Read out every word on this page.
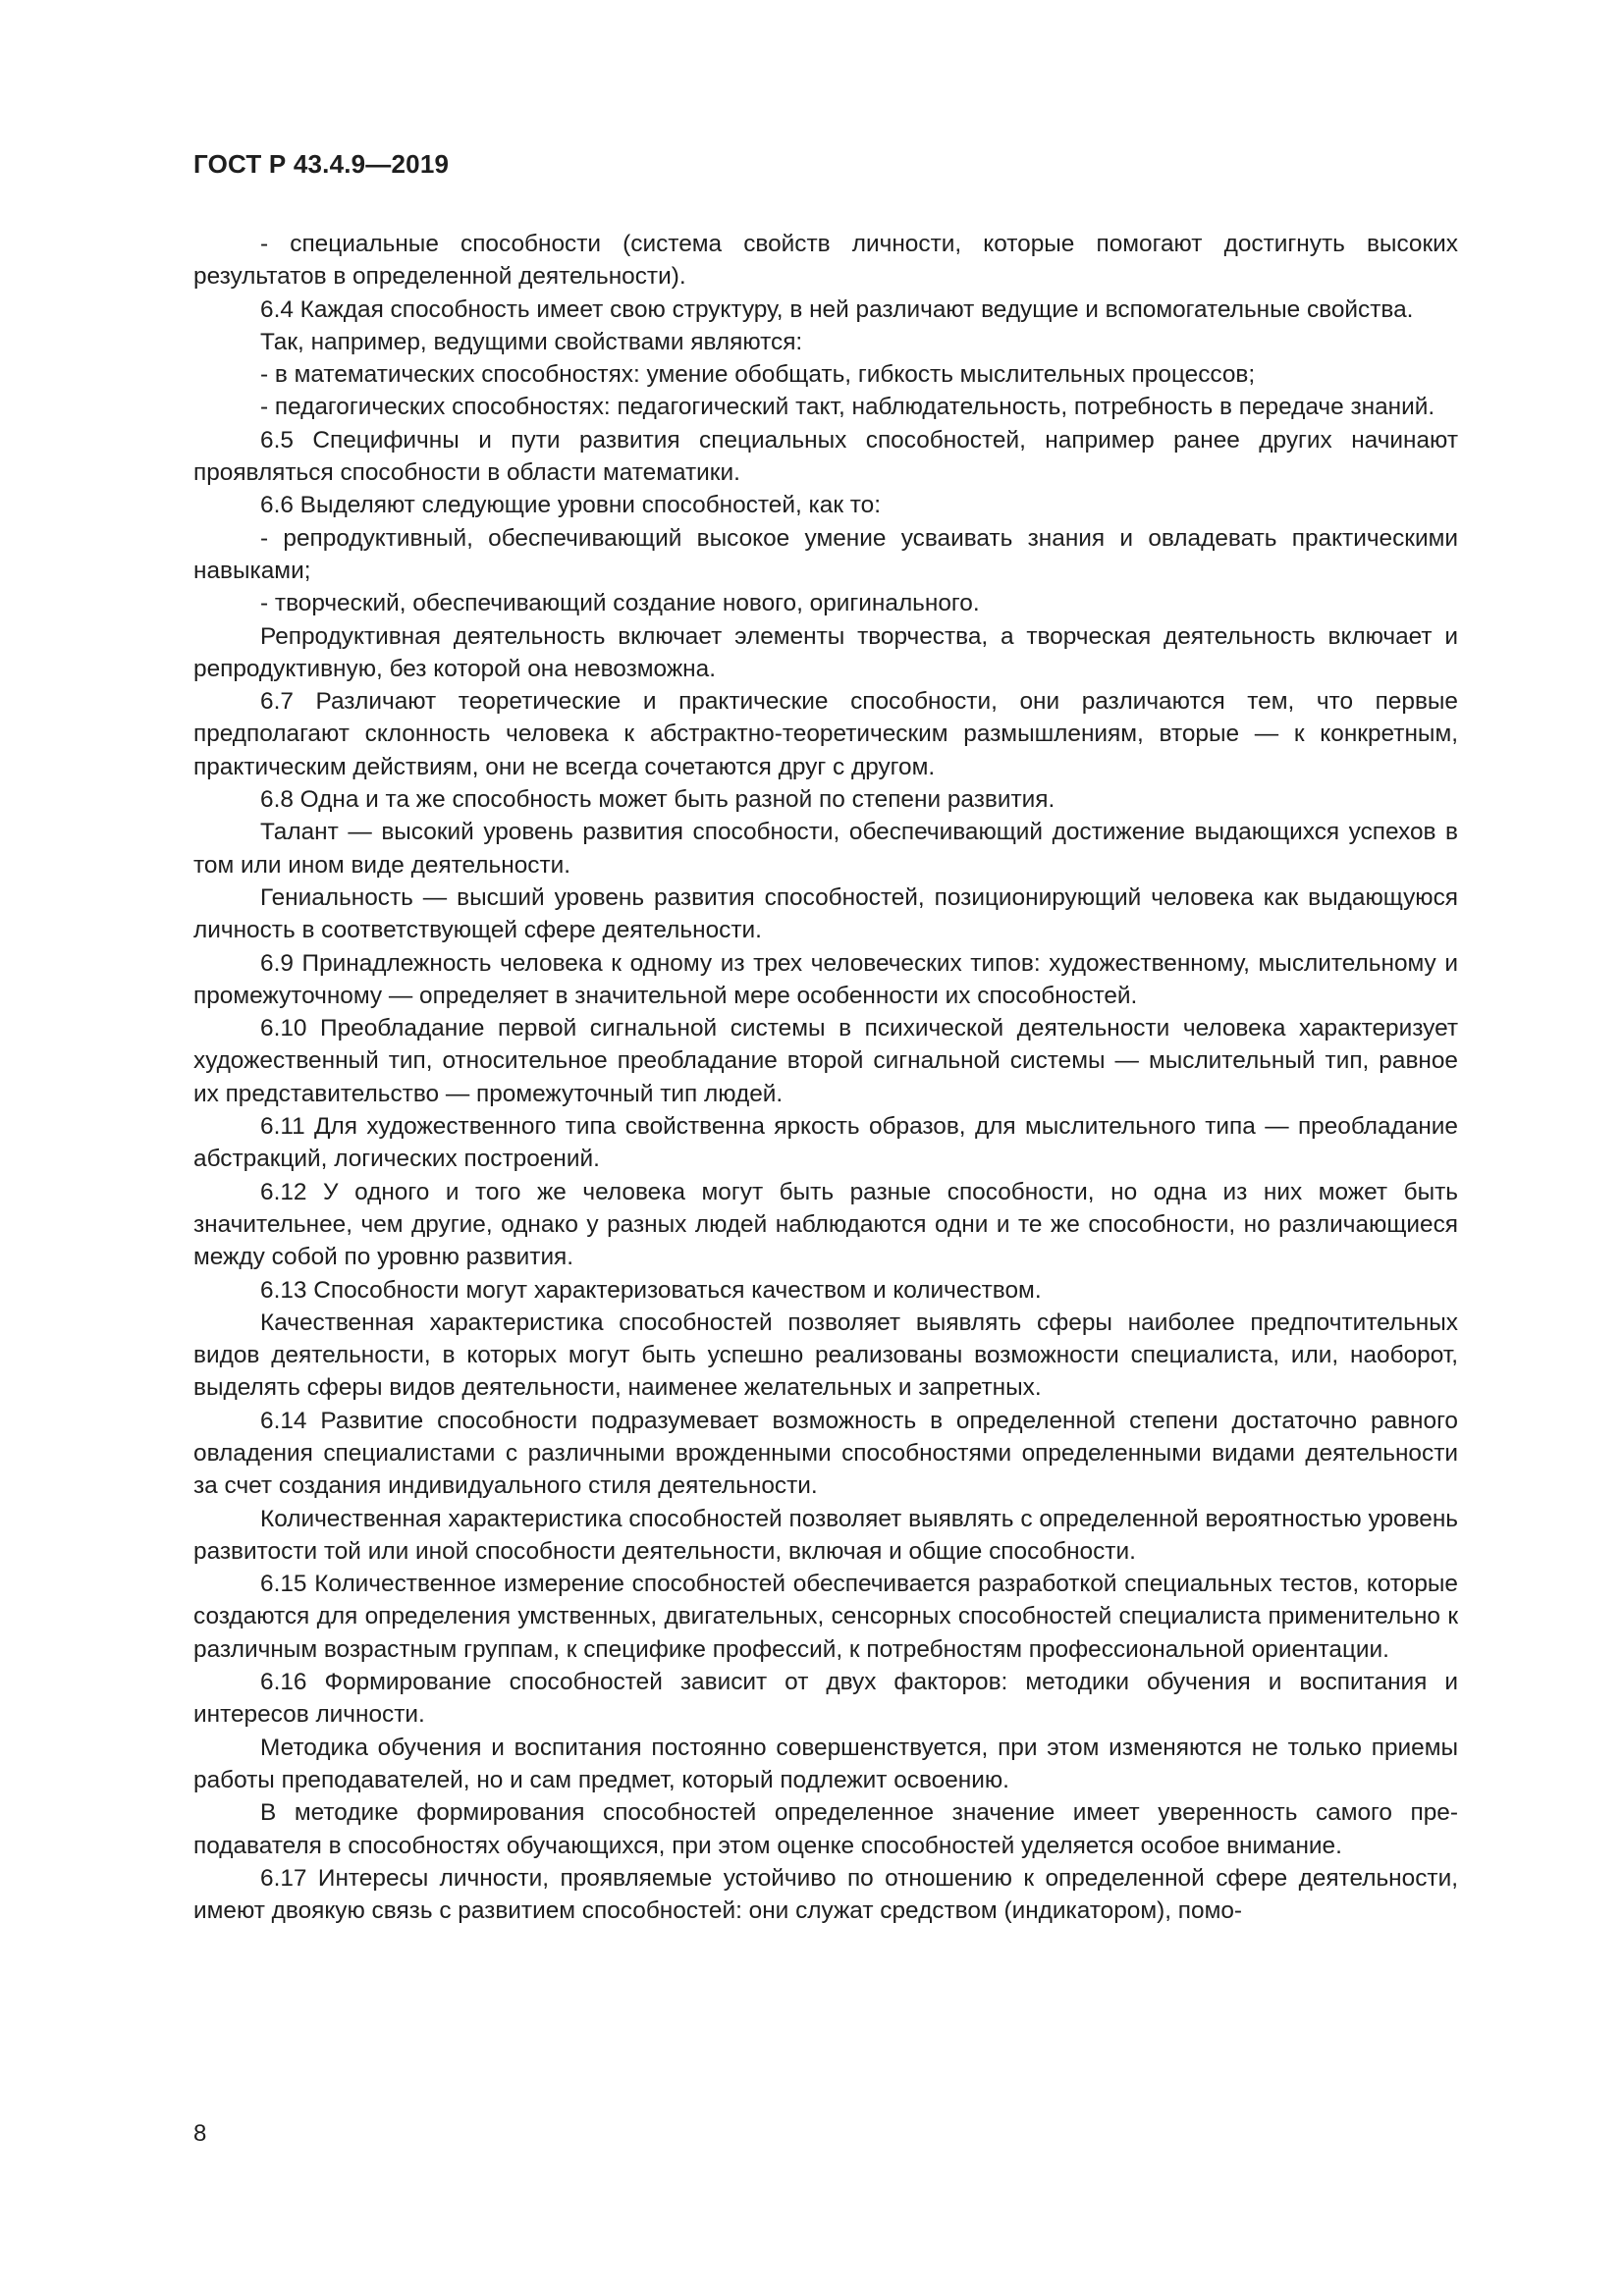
ГОСТ Р 43.4.9—2019

- специальные способности (система свойств личности, которые помогают достигнуть высоких результатов в определенной деятельности).

6.4 Каждая способность имеет свою структуру, в ней различают ведущие и вспомогательные свойства.

Так, например, ведущими свойствами являются:

- в математических способностях: умение обобщать, гибкость мыслительных процессов;

- педагогических способностях: педагогический такт, наблюдательность, потребность в передаче знаний.

6.5 Специфичны и пути развития специальных способностей, например ранее других начинают проявляться способности в области математики.

6.6 Выделяют следующие уровни способностей, как то:

- репродуктивный, обеспечивающий высокое умение усваивать знания и овладевать практическими навыками;

- творческий, обеспечивающий создание нового, оригинального.

Репродуктивная деятельность включает элементы творчества, а творческая деятельность включает и репродуктивную, без которой она невозможна.

6.7 Различают теоретические и практические способности, они различаются тем, что первые предполагают склонность человека к абстрактно-теоретическим размышлениям, вторые — к конкретным, практическим действиям, они не всегда сочетаются друг с другом.

6.8 Одна и та же способность может быть разной по степени развития.

Талант — высокий уровень развития способности, обеспечивающий достижение выдающихся успехов в том или ином виде деятельности.

Гениальность — высший уровень развития способностей, позиционирующий человека как выдающуюся личность в соответствующей сфере деятельности.

6.9 Принадлежность человека к одному из трех человеческих типов: художественному, мыслительному и промежуточному — определяет в значительной мере особенности их способностей.

6.10 Преобладание первой сигнальной системы в психической деятельности человека характеризует художественный тип, относительное преобладание второй сигнальной системы — мыслительный тип, равное их представительство — промежуточный тип людей.

6.11 Для художественного типа свойственна яркость образов, для мыслительного типа — преобладание абстракций, логических построений.

6.12 У одного и того же человека могут быть разные способности, но одна из них может быть значительнее, чем другие, однако у разных людей наблюдаются одни и те же способности, но различающиеся между собой по уровню развития.

6.13 Способности могут характеризоваться качеством и количеством.

Качественная характеристика способностей позволяет выявлять сферы наиболее предпочтительных видов деятельности, в которых могут быть успешно реализованы возможности специалиста, или, наоборот, выделять сферы видов деятельности, наименее желательных и запретных.

6.14 Развитие способности подразумевает возможность в определенной степени достаточно равного овладения специалистами с различными врожденными способностями определенными видами деятельности за счет создания индивидуального стиля деятельности.

Количественная характеристика способностей позволяет выявлять с определенной вероятностью уровень развитости той или иной способности деятельности, включая и общие способности.

6.15 Количественное измерение способностей обеспечивается разработкой специальных тестов, которые создаются для определения умственных, двигательных, сенсорных способностей специалиста применительно к различным возрастным группам, к специфике профессий, к потребностям профессиональной ориентации.

6.16 Формирование способностей зависит от двух факторов: методики обучения и воспитания и интересов личности.

Методика обучения и воспитания постоянно совершенствуется, при этом изменяются не только приемы работы преподавателей, но и сам предмет, который подлежит освоению.

В методике формирования способностей определенное значение имеет уверенность самого преподавателя в способностях обучающихся, при этом оценке способностей уделяется особое внимание.

6.17 Интересы личности, проявляемые устойчиво по отношению к определенной сфере деятельности, имеют двоякую связь с развитием способностей: они служат средством (индикатором), помо-

8
